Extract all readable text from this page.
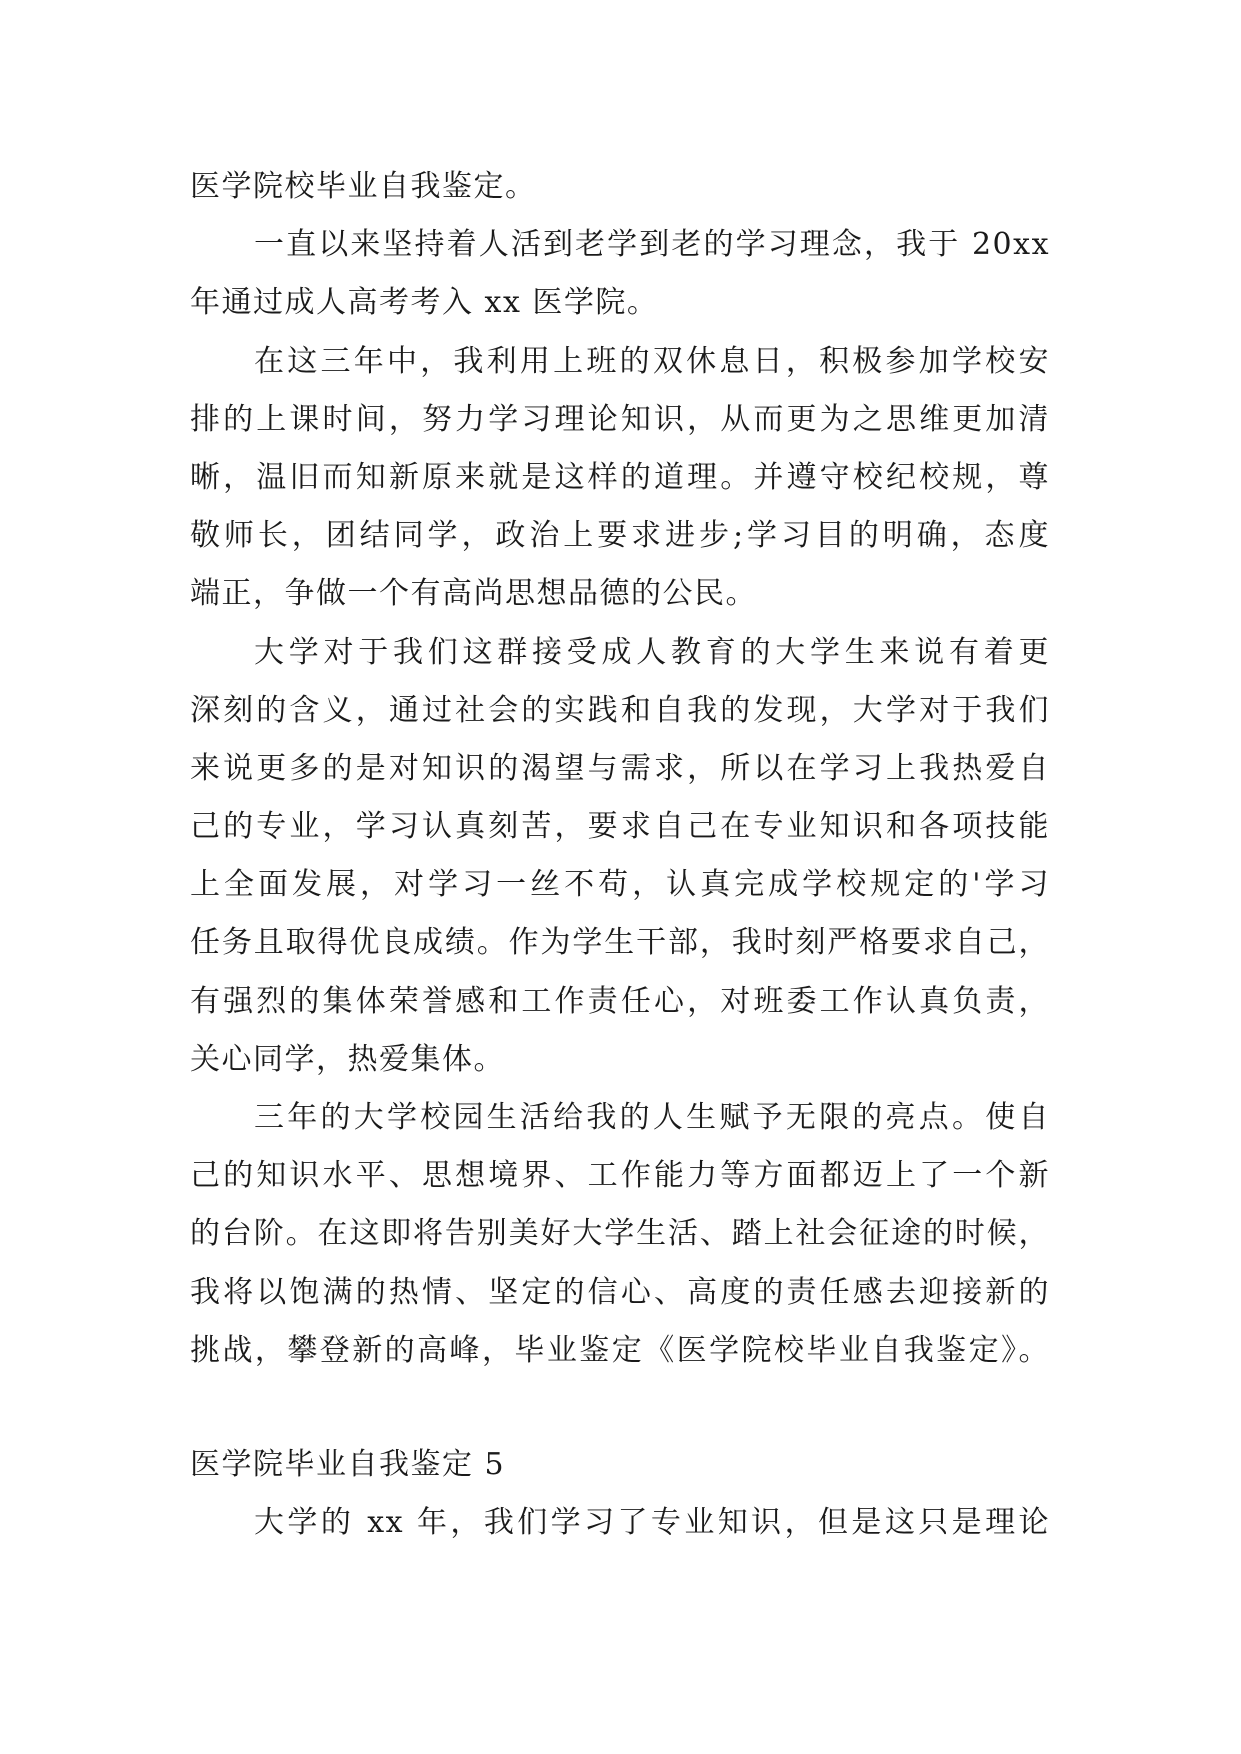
医学院校毕业自我鉴定。
一直以来坚持着人活到老学到老的学习理念，我于 20xx
年通过成人高考考入 xx 医学院。
在这三年中，我利用上班的双休息日，积极参加学校安
排的上课时间，努力学习理论知识，从而更为之思维更加清
晰，温旧而知新原来就是这样的道理。并遵守校纪校规，尊
敬师长，团结同学，政治上要求进步;学习目的明确，态度
端正，争做一个有高尚思想品德的公民。
大学对于我们这群接受成人教育的大学生来说有着更
深刻的含义，通过社会的实践和自我的发现，大学对于我们
来说更多的是对知识的渴望与需求，所以在学习上我热爱自
己的专业，学习认真刻苦，要求自己在专业知识和各项技能
上全面发展，对学习一丝不苟，认真完成学校规定的'学习
任务且取得优良成绩。作为学生干部，我时刻严格要求自己，
有强烈的集体荣誉感和工作责任心，对班委工作认真负责，
关心同学，热爱集体。
三年的大学校园生活给我的人生赋予无限的亮点。使自
己的知识水平、思想境界、工作能力等方面都迈上了一个新
的台阶。在这即将告别美好大学生活、踏上社会征途的时候，
我将以饱满的热情、坚定的信心、高度的责任感去迎接新的
挑战，攀登新的高峰，毕业鉴定《医学院校毕业自我鉴定》。
医学院毕业自我鉴定 5
大学的 xx 年，我们学习了专业知识，但是这只是理论
